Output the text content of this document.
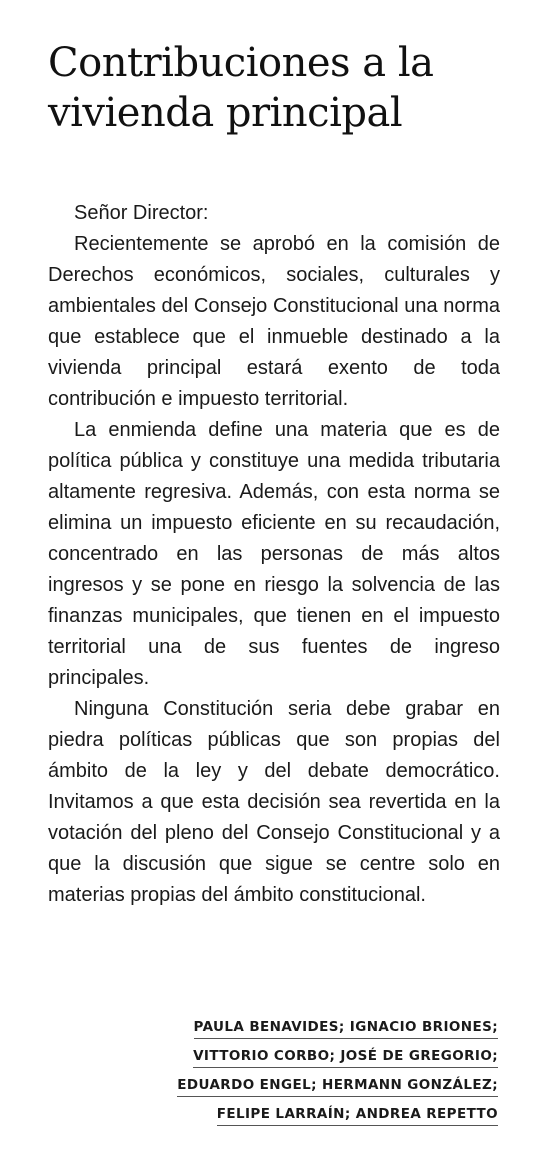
Contribuciones a la
vivienda principal

Señor Director:

Recientemente se aprobó en la comisión de Derechos económicos, sociales, culturales y ambientales del Consejo Constitucional una norma que establece que el inmueble destinado a la vivienda principal estará exento de toda contribución e impuesto territorial.

La enmienda define una materia que es de política pública y constituye una medida tributaria altamente regresiva. Además, con esta norma se elimina un impuesto eficiente en su recaudación, concentrado en las personas de más altos ingresos y se pone en riesgo la solvencia de las finanzas municipales, que tienen en el impuesto territorial una de sus fuentes de ingreso principales.

Ninguna Constitución seria debe grabar en piedra políticas públicas que son propias del ámbito de la ley y del debate democrático. Invitamos a que esta decisión sea revertida en la votación del pleno del Consejo Constitucional y a que la discusión que sigue se centre solo en materias propias del ámbito constitucional.

PAULA BENAVIDES; IGNACIO BRIONES;
VITTORIO CORBO; JOSÉ DE GREGORIO;
EDUARDO ENGEL; HERMANN GONZÁLEZ;
FELIPE LARRAÍN; ANDREA REPETTO
